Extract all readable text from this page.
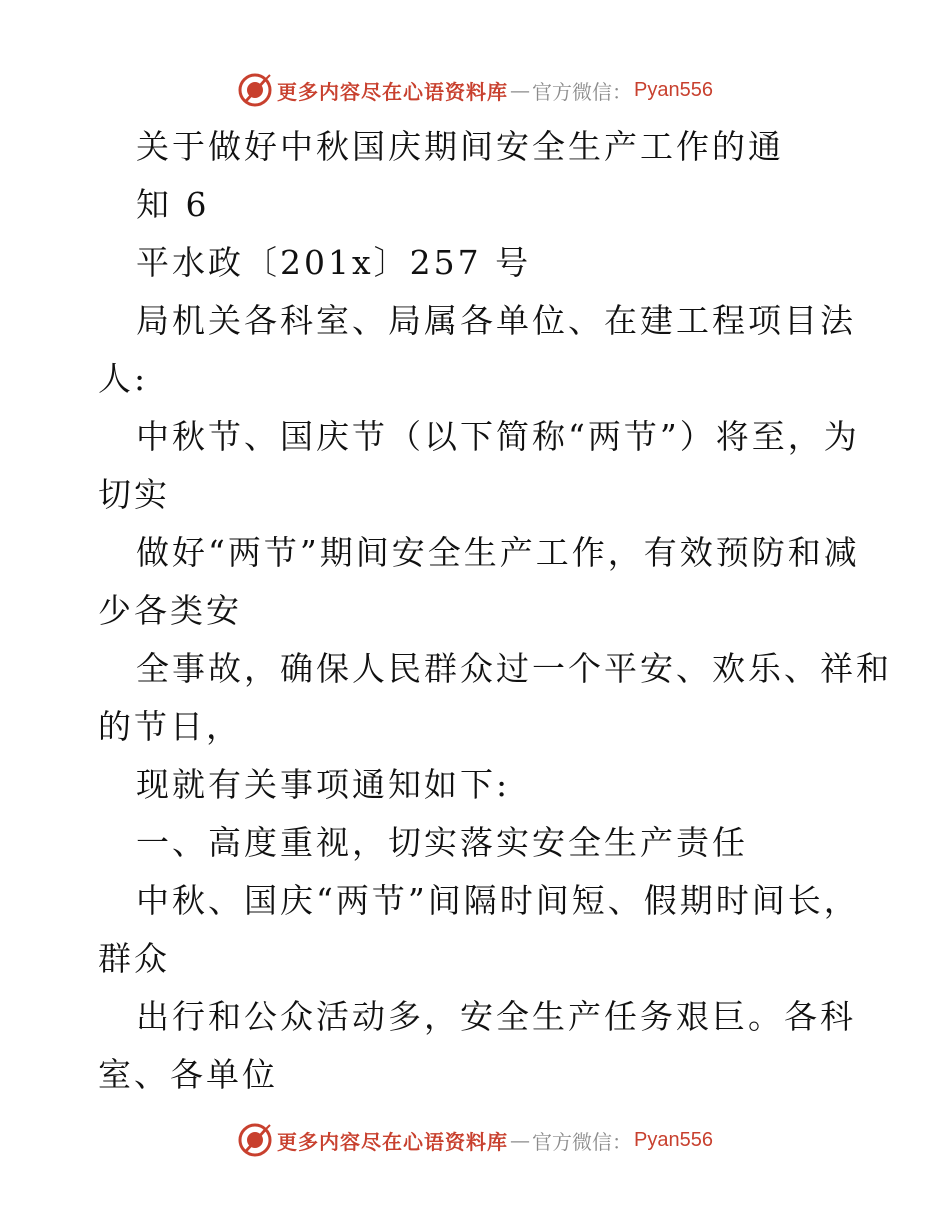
更多内容尽在心语资料库 — 官方微信： Pyan556
关于做好中秋国庆期间安全生产工作的通
知 6
平水政〔201x〕257 号
局机关各科室、局属各单位、在建工程项目法
人:
中秋节、国庆节（以下简称“两节”）将至，为
切实
做好“两节”期间安全生产工作，有效预防和减
少各类安
全事故，确保人民群众过一个平安、欢乐、祥和
的节日，
现就有关事项通知如下:
一、高度重视，切实落实安全生产责任
中秋、国庆“两节”间隔时间短、假期时间长，
群众
出行和公众活动多，安全生产任务艰巨。各科
室、各单位
更多内容尽在心语资料库 — 官方微信： Pyan556
